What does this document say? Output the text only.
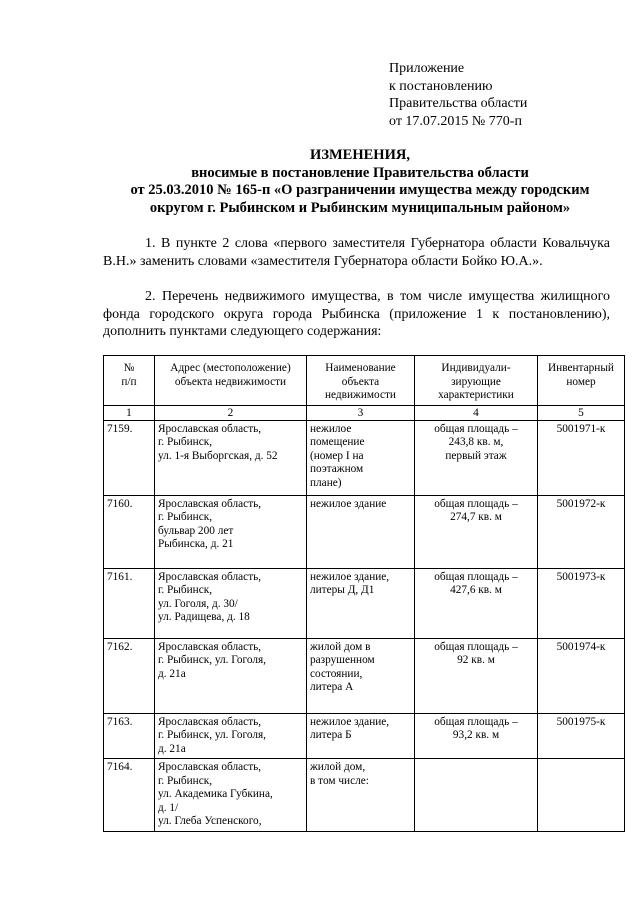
Приложение
к постановлению
Правительства области
от 17.07.2015 № 770-п
ИЗМЕНЕНИЯ,
вносимые в постановление Правительства области
от 25.03.2010 № 165-п «О разграничении имущества между городским
округом г. Рыбинском и Рыбинским муниципальным районом»
1. В пункте 2 слова «первого заместителя Губернатора области Ковальчука В.Н.» заменить словами «заместителя Губернатора области Бойко Ю.А.».
2. Перечень недвижимого имущества, в том числе имущества жилищного фонда городского округа города Рыбинска (приложение 1 к постановлению), дополнить пунктами следующего содержания:
№
п/п	Адрес (местоположение)
объекта недвижимости	Наименование
объекта
недвижимости	Индивидуали-
зирующие
характеристики	Инвентарный
номер

1	2	3	4	5

7159.	Ярославская область,
г. Рыбинск,
ул. 1-я Выборгская, д. 52	нежилое
помещение
(номер I на
поэтажном
плане)	общая площадь –
243,8 кв. м,
первый этаж	5001971-к

7160.	Ярославская область,
г. Рыбинск,
бульвар 200 лет
Рыбинска, д. 21	нежилое здание	общая площадь –
274,7 кв. м	5001972-к

7161.	Ярославская область,
г. Рыбинск,
ул. Гоголя, д. 30/
ул. Радищева, д. 18	нежилое здание,
литеры Д, Д1	общая площадь –
427,6 кв. м	5001973-к

7162.	Ярославская область,
г. Рыбинск, ул. Гоголя,
д. 21а	жилой дом в
разрушенном
состоянии,
литера А	общая площадь –
92 кв. м	5001974-к

7163.	Ярославская область,
г. Рыбинск, ул. Гоголя,
д. 21а	нежилое здание,
литера Б	общая площадь –
93,2 кв. м	5001975-к

7164.	Ярославская область,
г. Рыбинск,
ул. Академика Губкина,
д. 1/
ул. Глеба Успенского,	жилой дом,
в том числе:		
